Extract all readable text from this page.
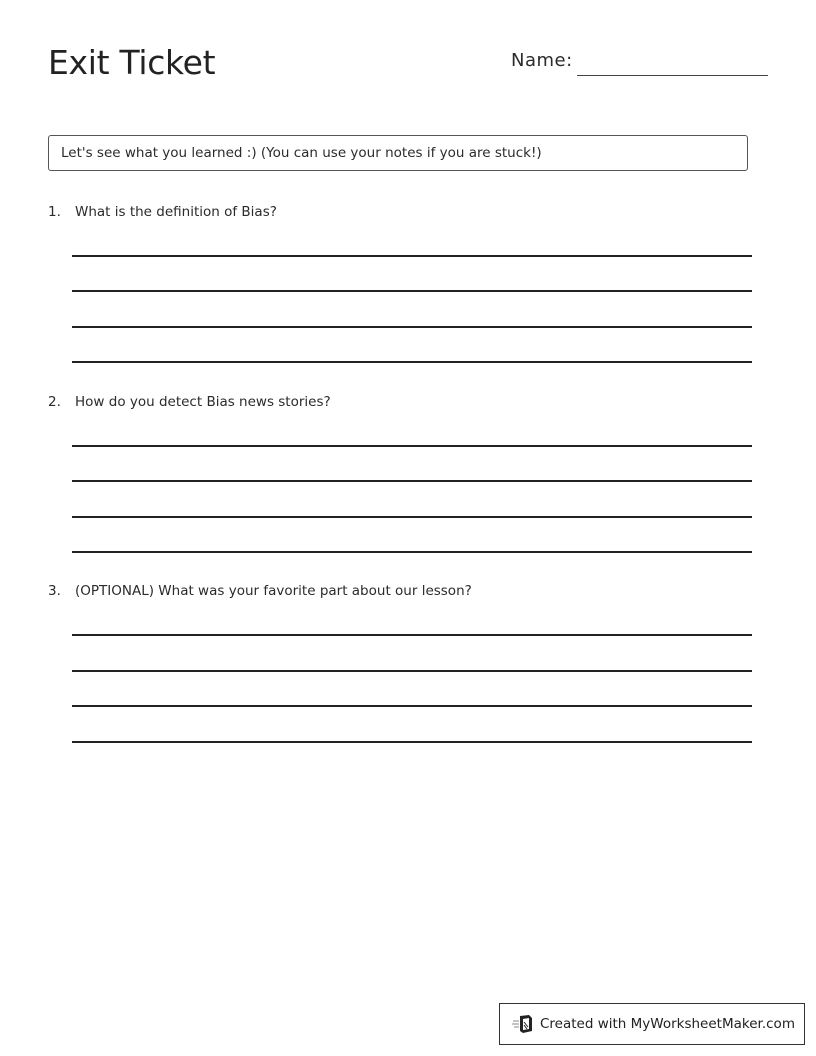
Exit Ticket	Name:
Let's see what you learned :) (You can use your notes if you are stuck!)
1. What is the definition of Bias?
2. How do you detect Bias news stories?
3. (OPTIONAL) What was your favorite part about our lesson?
Created with MyWorksheetMaker.com
